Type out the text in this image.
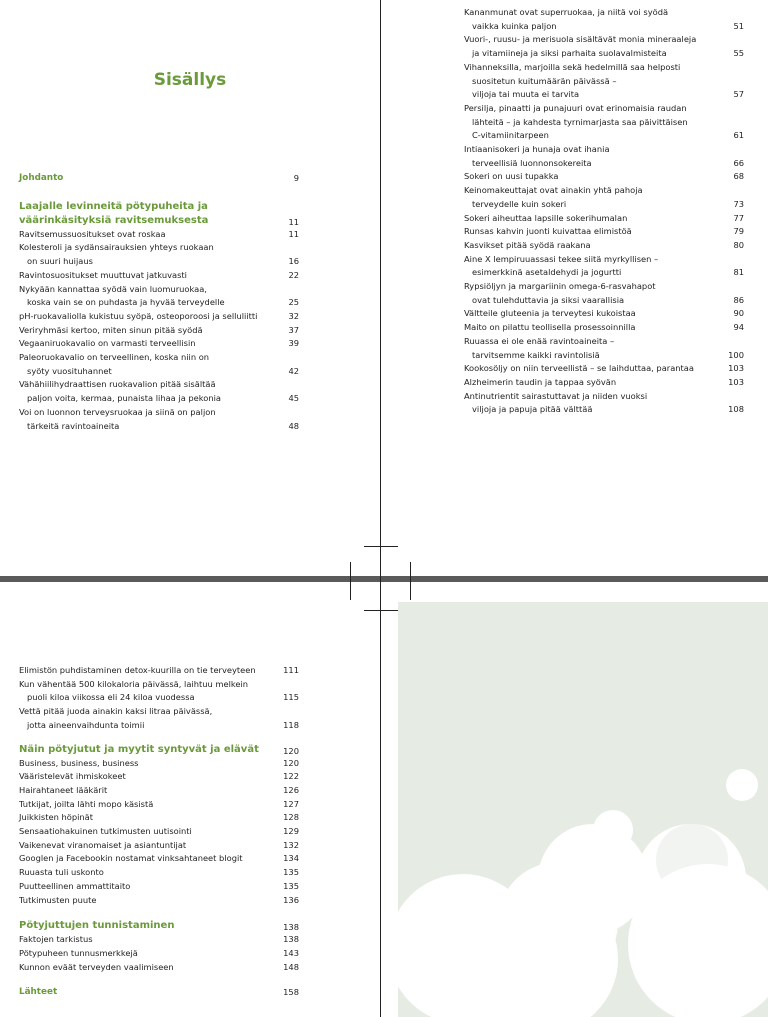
Sisällys
Johdanto	9
Laajalle levinneitä pötypuheita ja
väärinkäsityksiä ravitsemuksesta	11
Ravitsemussuositukset ovat roskaa	11
Kolesteroli ja sydänsairauksien yhteys ruokaan
on suuri huijaus	16
Ravintosuositukset muuttuvat jatkuvasti	22
Nykyään kannattaa syödä vain luomuruokaa,
koska vain se on puhdasta ja hyvää terveydelle	25
pH-ruokavaliolla kukistuu syöpä, osteoporoosi ja selluliitti	32
Veriryhmäsi kertoo, miten sinun pitää syödä	37
Vegaaniruokavalio on varmasti terveellisin	39
Paleoruokavalio on terveellinen, koska niin on
syöty vuosituhannet	42
Vähähiilihydraattisen ruokavalion pitää sisältää
paljon voita, kermaa, punaista lihaa ja pekonia	45
Voi on luonnon terveysruokaa ja siinä on paljon
tärkeitä ravintoaineita	48
Kananmunat ovat superruokaa, ja niitä voi syödä
vaikka kuinka paljon	51
Vuori-, ruusu- ja merisuola sisältävät monia mineraaleja
ja vitamiineja ja siksi parhaita suolavalmisteita	55
Vihanneksilla, marjoilla sekä hedelmillä saa helposti
suositetun kuitumäärän päivässä –
viljoja tai muuta ei tarvita	57
Persilja, pinaatti ja punajuuri ovat erinomaisia raudan
lähteitä – ja kahdesta tyrnimarjasta saa päivittäisen
C-vitamiinitarpeen	61
Intiaanisokeri ja hunaja ovat ihania
terveellisiä luonnonsokereita	66
Sokeri on uusi tupakka	68
Keinomakeuttajat ovat ainakin yhtä pahoja
terveydelle kuin sokeri	73
Sokeri aiheuttaa lapsille sokerihumalan	77
Runsas kahvin juonti kuivattaa elimistöä	79
Kasvikset pitää syödä raakana	80
Aine X lempiruuassasi tekee siitä myrkyllisen –
esimerkkinä asetaldehydi ja jogurtti	81
Rypsiöljyn ja margariinin omega-6-rasvahapot
ovat tulehduttavia ja siksi vaarallisia	86
Vältteile gluteenia ja terveytesi kukoistaa	90
Maito on pilattu teollisella prosessoinnilla	94
Ruuassa ei ole enää ravintoaineita –
tarvitsemme kaikki ravintolisiä	100
Kookosöljy on niin terveellistä – se laihduttaa, parantaa	103
Alzheimerin taudin ja tappaa syövän	103
Antinutrientit sairastuttavat ja niiden vuoksi
viljoja ja papuja pitää välttää	108
Elimistön puhdistaminen detox-kuurilla on tie terveyteen	111
Kun vähentää 500 kilokaloria päivässä, laihtuu melkein
puoli kiloa viikossa eli 24 kiloa vuodessa	115
Vettä pitää juoda ainakin kaksi litraa päivässä,
jotta aineenvaihdunta toimii	118
Näin pötyjutut ja myytit syntyvät ja elävät	120
Business, business, business	120
Vääristelevät ihmiskokeet	122
Hairahtaneet lääkärit	126
Tutkijat, joilta lähti mopo käsistä	127
Juikkisten höpinät	128
Sensaatiohakuinen tutkimusten uutisointi	129
Vaikenevat viranomaiset ja asiantuntijat	132
Googlen ja Facebookin nostamat vinksahtaneet blogit	134
Ruuasta tuli uskonto	135
Puutteellinen ammattitaito	135
Tutkimusten puute	136
Pötyjuttujen tunnistaminen	138
Faktojen tarkistus	138
Pötypuheen tunnusmerkkejä	143
Kunnon eväät terveyden vaalimiseen	148
Lähteet	158
